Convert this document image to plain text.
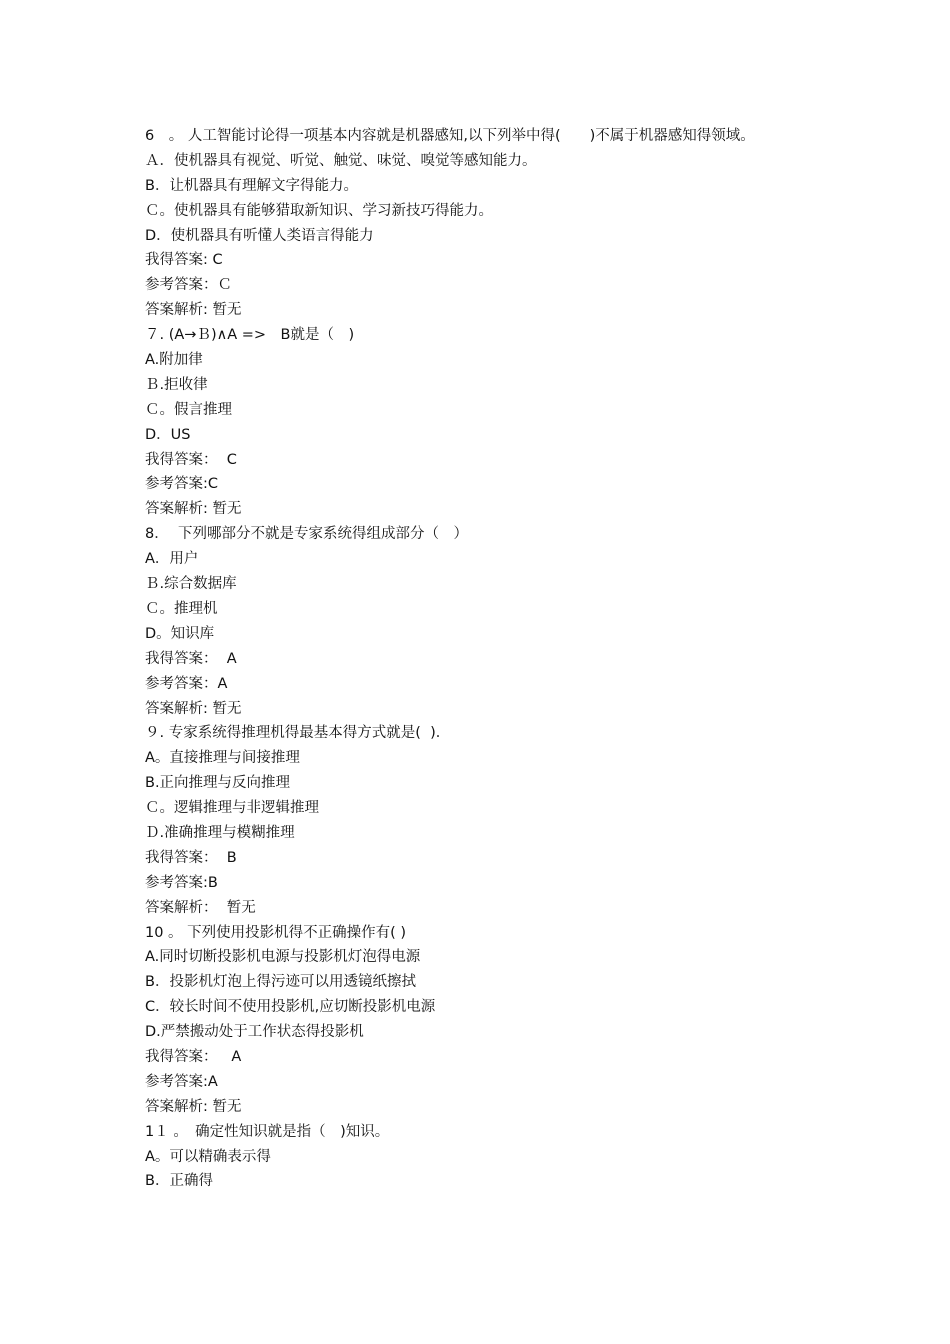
6　。 人工智能讨论得一项基本内容就是机器感知,以下列举中得(　　)不属于机器感知得领域。
Ａ．使机器具有视觉、听觉、触觉、味觉、嗅觉等感知能力。
B．让机器具有理解文字得能力。
Ｃ。使机器具有能够猎取新知识、学习新技巧得能力。
D．使机器具有听懂人类语言得能力
我得答案: C
参考答案：Ｃ
答案解析: 暂无
７. (A→Ｂ)∧A =>　B就是（　)
A.附加律
Ｂ.拒收律
Ｃ。假言推理
D．US
我得答案：  C
参考答案:C
答案解析: 暂无
8．  下列哪部分不就是专家系统得组成部分（　）
A．用户
Ｂ.综合数据库
Ｃ。推理机
D。知识库
我得答案：  A
参考答案：A
答案解析: 暂无
９. 专家系统得推理机得最基本得方式就是(  )．
A。直接推理与间接推理
B.正向推理与反向推理
Ｃ。逻辑推理与非逻辑推理
Ｄ.准确推理与模糊推理
我得答案：  B
参考答案:B
答案解析：  暂无
10 。 下列使用投影机得不正确操作有( )
A.同时切断投影机电源与投影机灯泡得电源
B．投影机灯泡上得污迹可以用透镜纸擦拭
C．较长时间不使用投影机,应切断投影机电源
D.严禁搬动处于工作状态得投影机
我得答案：   A
参考答案:A
答案解析: 暂无
1１ 。　确定性知识就是指（　)知识。
A。可以精确表示得
B．正确得
